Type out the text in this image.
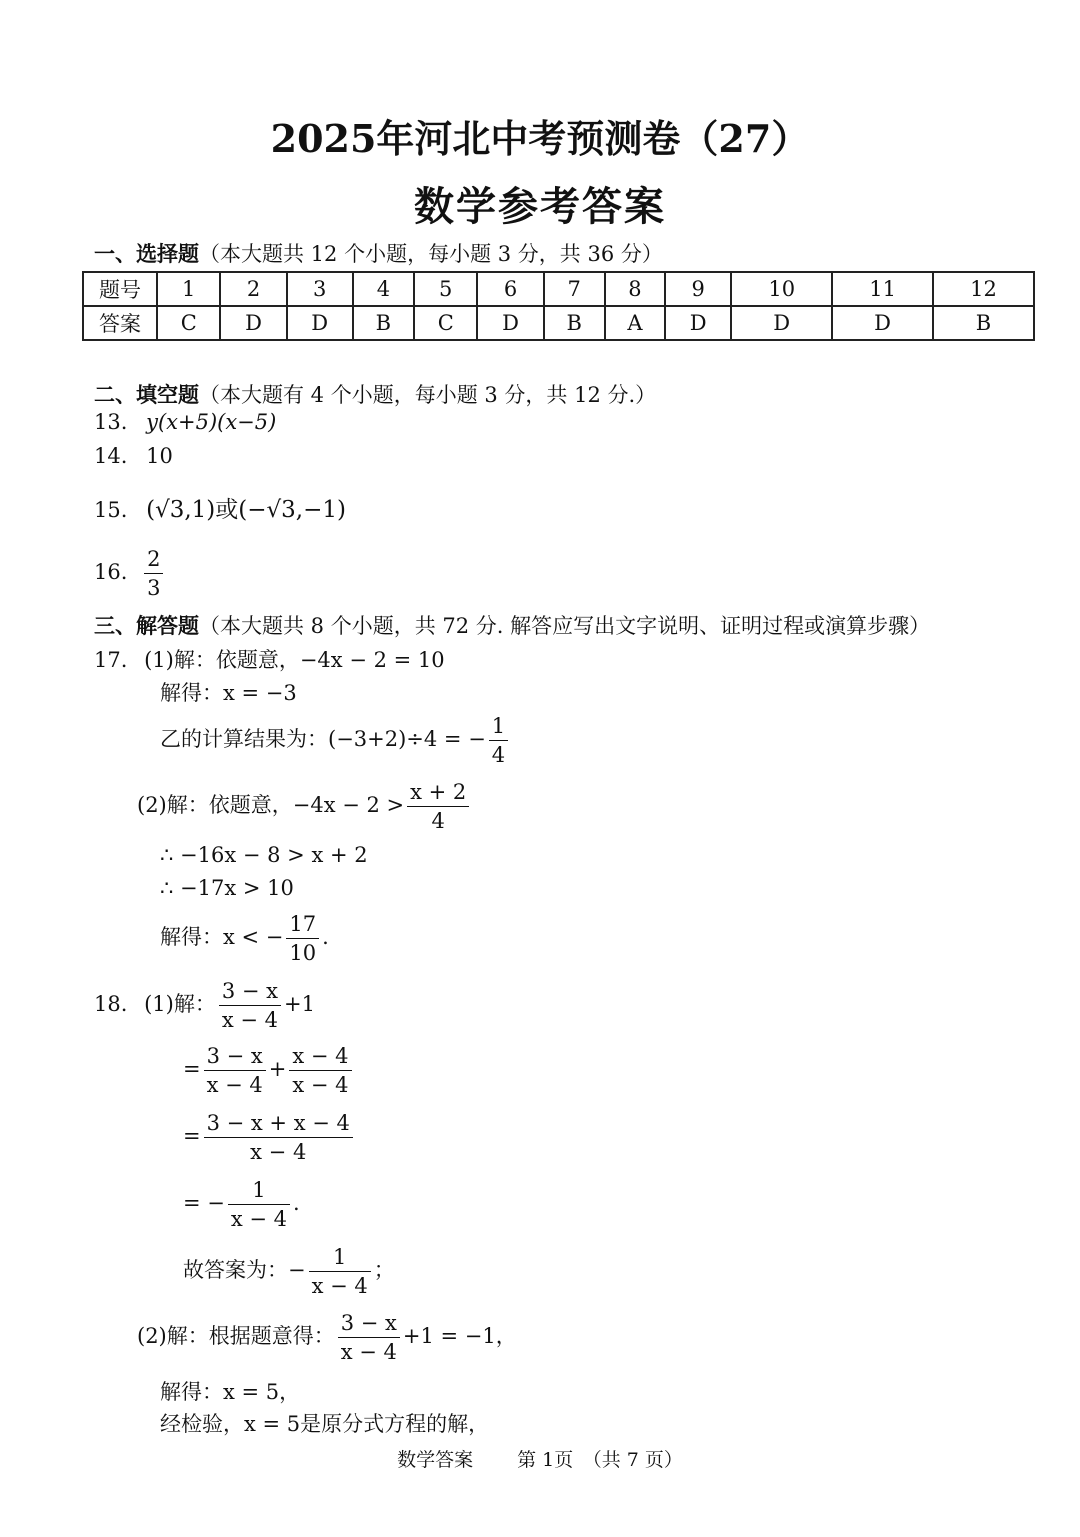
2025年河北中考预测卷（27）
数学参考答案
一、选择题（本大题共 12 个小题，每小题 3 分，共 36 分）
题号	1	2	3	4	5	6	7	8	9	10	11	12
答案	C	D	D	B	C	D	B	A	D	D	D	B
二、填空题（本大题有 4 个小题，每小题 3 分，共 12 分.）
13. y(x+5)(x−5)
14. 10
15. (√3,1)或(−√3,−1)
16. $\frac{2}{3}$
三、解答题（本大题共 8 个小题，共 72 分. 解答应写出文字说明、证明过程或演算步骤）
17. (1)解：依题意，−4x − 2 = 10
解得：x = −3
乙的计算结果为：(−3+2)÷4 = − $\frac{1}{4}$
(2)解：依题意，$-4x - 2 > \frac{x + 2}{4}$
∴ −16x − 8 > x + 2
∴ −17x > 10
解得：x < − $\frac{17}{10}$ .
18. (1)解： $\frac{3 - x}{x - 4} +1$
= $\frac{3 - x}{x - 4} + \frac{x - 4}{x - 4}$
= $\frac{3 - x + x - 4}{x - 4}$
= − $\frac{1}{x - 4}$ .
故答案为：− $\frac{1}{x - 4}$ ；
(2)解：根据题意得： $\frac{3 - x}{x - 4} +1 = -1$，
解得：x = 5，
经检验，x = 5是原分式方程的解，
数学答案　　 第 1页　（共 7 页）
